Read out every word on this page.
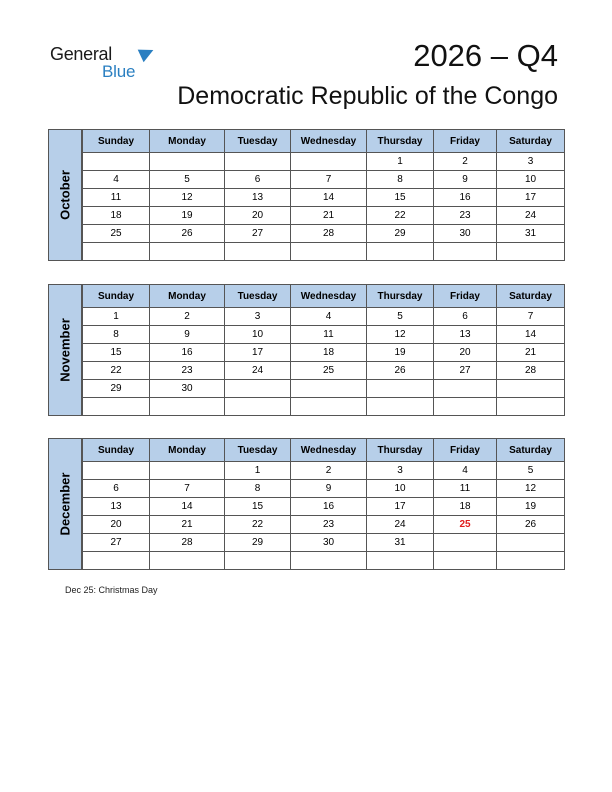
General
Blue	2026 – Q4
Democratic Republic of the Congo
October
Sunday	Monday	Tuesday	Wednesday	Thursday	Friday	Saturday
				1	2	3
4	5	6	7	8	9	10
11	12	13	14	15	16	17
18	19	20	21	22	23	24
25	26	27	28	29	30	31

November
Sunday	Monday	Tuesday	Wednesday	Thursday	Friday	Saturday
1	2	3	4	5	6	7
8	9	10	11	12	13	14
15	16	17	18	19	20	21
22	23	24	25	26	27	28
29	30					

December
Sunday	Monday	Tuesday	Wednesday	Thursday	Friday	Saturday
		1	2	3	4	5
6	7	8	9	10	11	12
13	14	15	16	17	18	19
20	21	22	23	24	25	26
27	28	29	30	31		

Dec 25: Christmas Day
